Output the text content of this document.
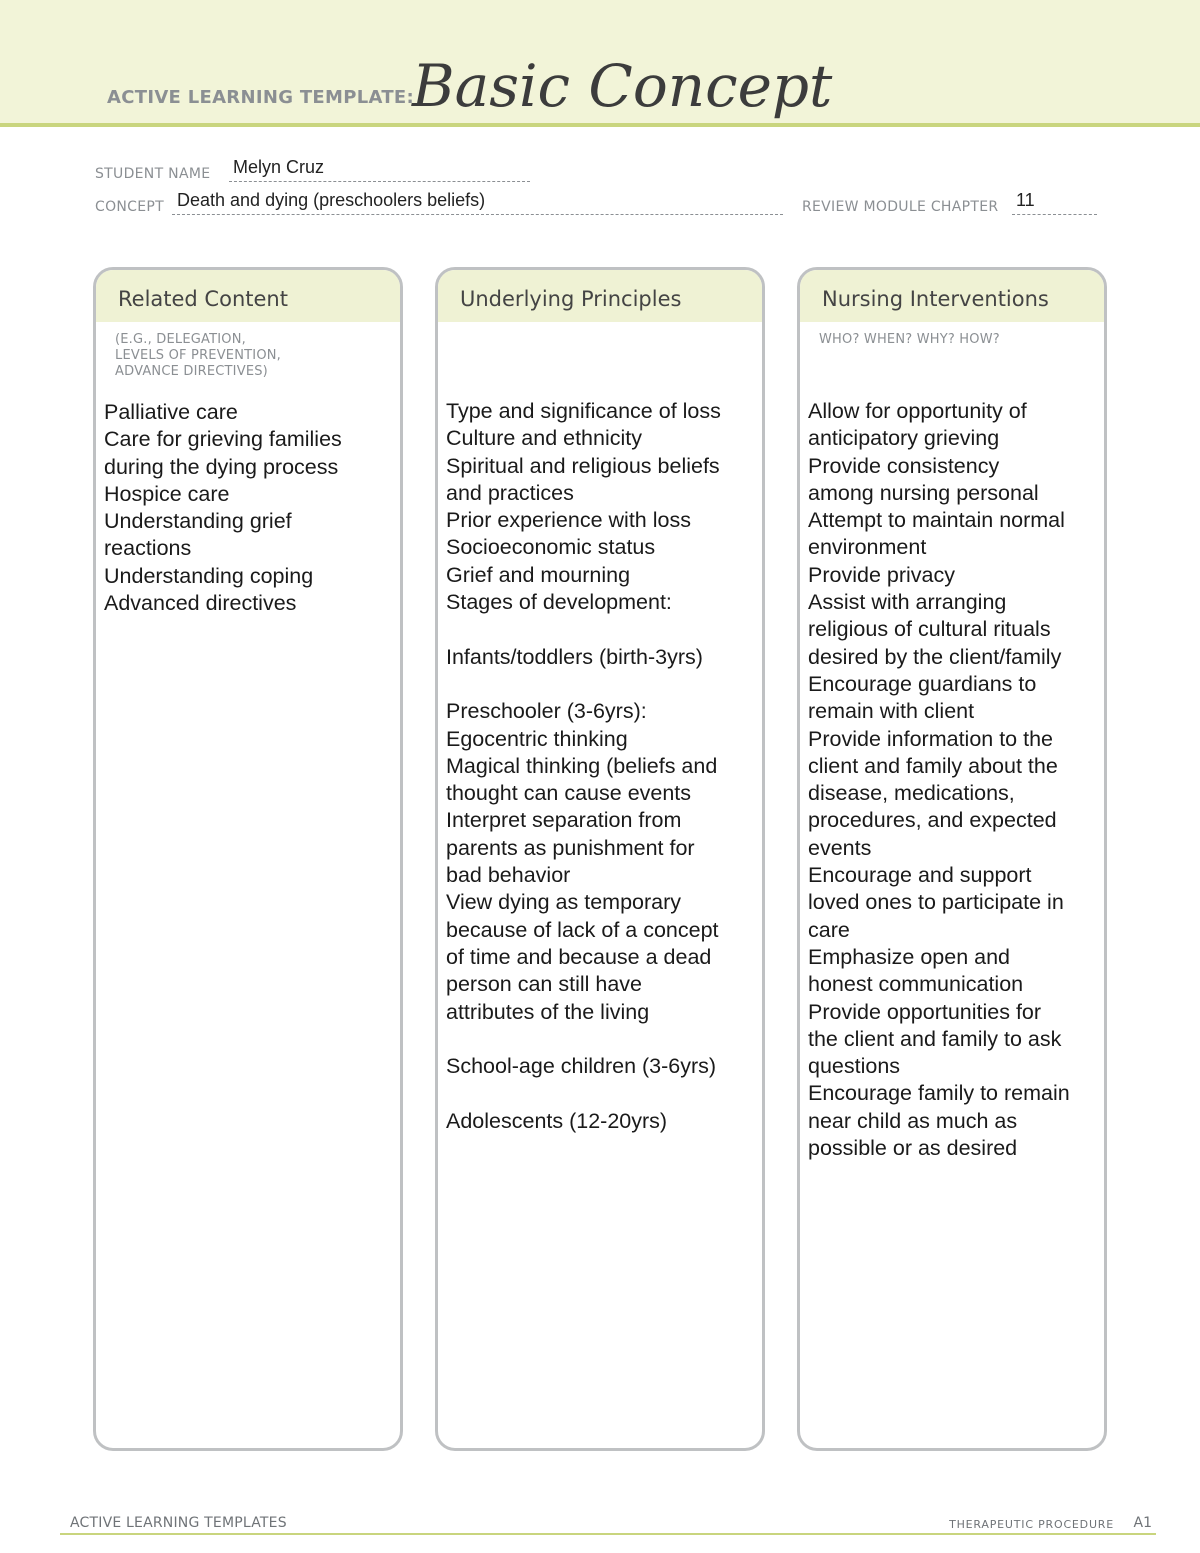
ACTIVE LEARNING TEMPLATE:
Basic Concept
STUDENT NAME Melyn Cruz
CONCEPT Death and dying (preschoolers beliefs)	REVIEW MODULE CHAPTER 11
Related Content
(E.G., DELEGATION,
LEVELS OF PREVENTION,
ADVANCE DIRECTIVES)
Palliative care
Care for grieving families
during the dying process
Hospice care
Understanding grief
reactions
Understanding coping
Advanced directives
Underlying Principles
Type and significance of loss
Culture and ethnicity
Spiritual and religious beliefs
and practices
Prior experience with loss
Socioeconomic status
Grief and mourning
Stages of development:
Infants/toddlers (birth-3yrs)
Preschooler (3-6yrs):
Egocentric thinking
Magical thinking (beliefs and
thought can cause events
Interpret separation from
parents as punishment for
bad behavior
View dying as temporary
because of lack of a concept
of time and because a dead
person can still have
attributes of the living
School-age children (3-6yrs)
Adolescents (12-20yrs)
Nursing Interventions
WHO? WHEN? WHY? HOW?
Allow for opportunity of
anticipatory grieving
Provide consistency
among nursing personal
Attempt to maintain normal
environment
Provide privacy
Assist with arranging
religious of cultural rituals
desired by the client/family
Encourage guardians to
remain with client
Provide information to the
client and family about the
disease, medications,
procedures, and expected
events
Encourage and support
loved ones to participate in
care
Emphasize open and
honest communication
Provide opportunities for
the client and family to ask
questions
Encourage family to remain
near child as much as
possible or as desired
ACTIVE LEARNING TEMPLATES	THERAPEUTIC PROCEDURE A1
